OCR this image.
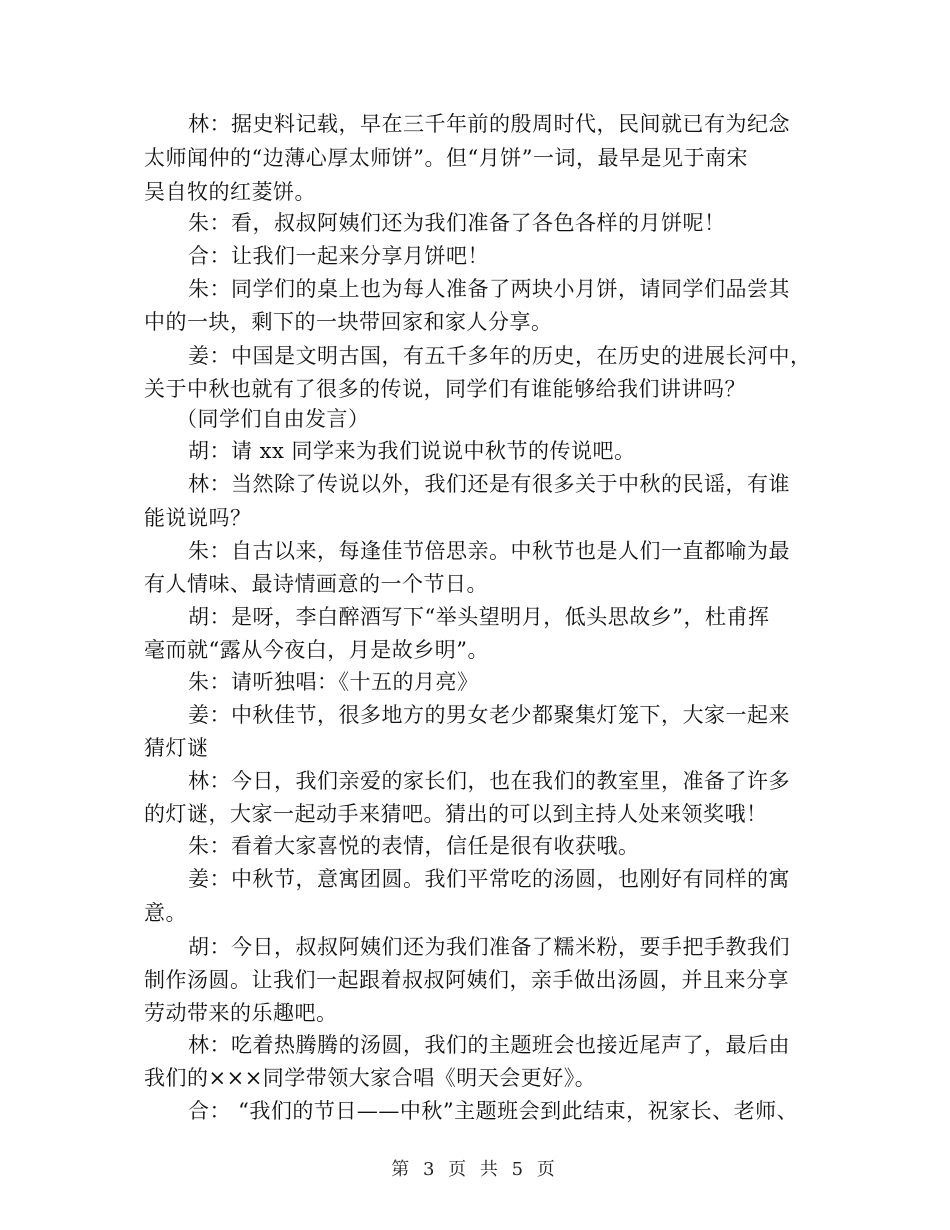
林：据史料记载，早在三千年前的殷周时代，民间就已有为纪念
太师闻仲的“边薄心厚太师饼”。但“月饼”一词，最早是见于南宋
吴自牧的红菱饼。
朱：看，叔叔阿姨们还为我们准备了各色各样的月饼呢！
合：让我们一起来分享月饼吧！
朱：同学们的桌上也为每人准备了两块小月饼，请同学们品尝其
中的一块，剩下的一块带回家和家人分享。
姜：中国是文明古国，有五千多年的历史，在历史的进展长河中，
关于中秋也就有了很多的传说，同学们有谁能够给我们讲讲吗？
（同学们自由发言）
胡：请 xx 同学来为我们说说中秋节的传说吧。
林：当然除了传说以外，我们还是有很多关于中秋的民谣，有谁
能说说吗？
朱：自古以来，每逢佳节倍思亲。中秋节也是人们一直都喻为最
有人情味、最诗情画意的一个节日。
胡：是呀，李白醉酒写下“举头望明月，低头思故乡”，杜甫挥
毫而就“露从今夜白，月是故乡明”。
朱：请听独唱：《十五的月亮》
姜：中秋佳节，很多地方的男女老少都聚集灯笼下，大家一起来
猜灯谜
林：今日，我们亲爱的家长们，也在我们的教室里，准备了许多
的灯谜，大家一起动手来猜吧。猜出的可以到主持人处来领奖哦！
朱：看着大家喜悦的表情，信任是很有收获哦。
姜：中秋节，意寓团圆。我们平常吃的汤圆，也刚好有同样的寓
意。
胡：今日，叔叔阿姨们还为我们准备了糯米粉，要手把手教我们
制作汤圆。让我们一起跟着叔叔阿姨们，亲手做出汤圆，并且来分享
劳动带来的乐趣吧。
林：吃着热腾腾的汤圆，我们的主题班会也接近尾声了，最后由
我们的×××同学带领大家合唱《明天会更好》。
合： “我们的节日——中秋”主题班会到此结束，祝家长、老师、
第 3 页 共 5 页
